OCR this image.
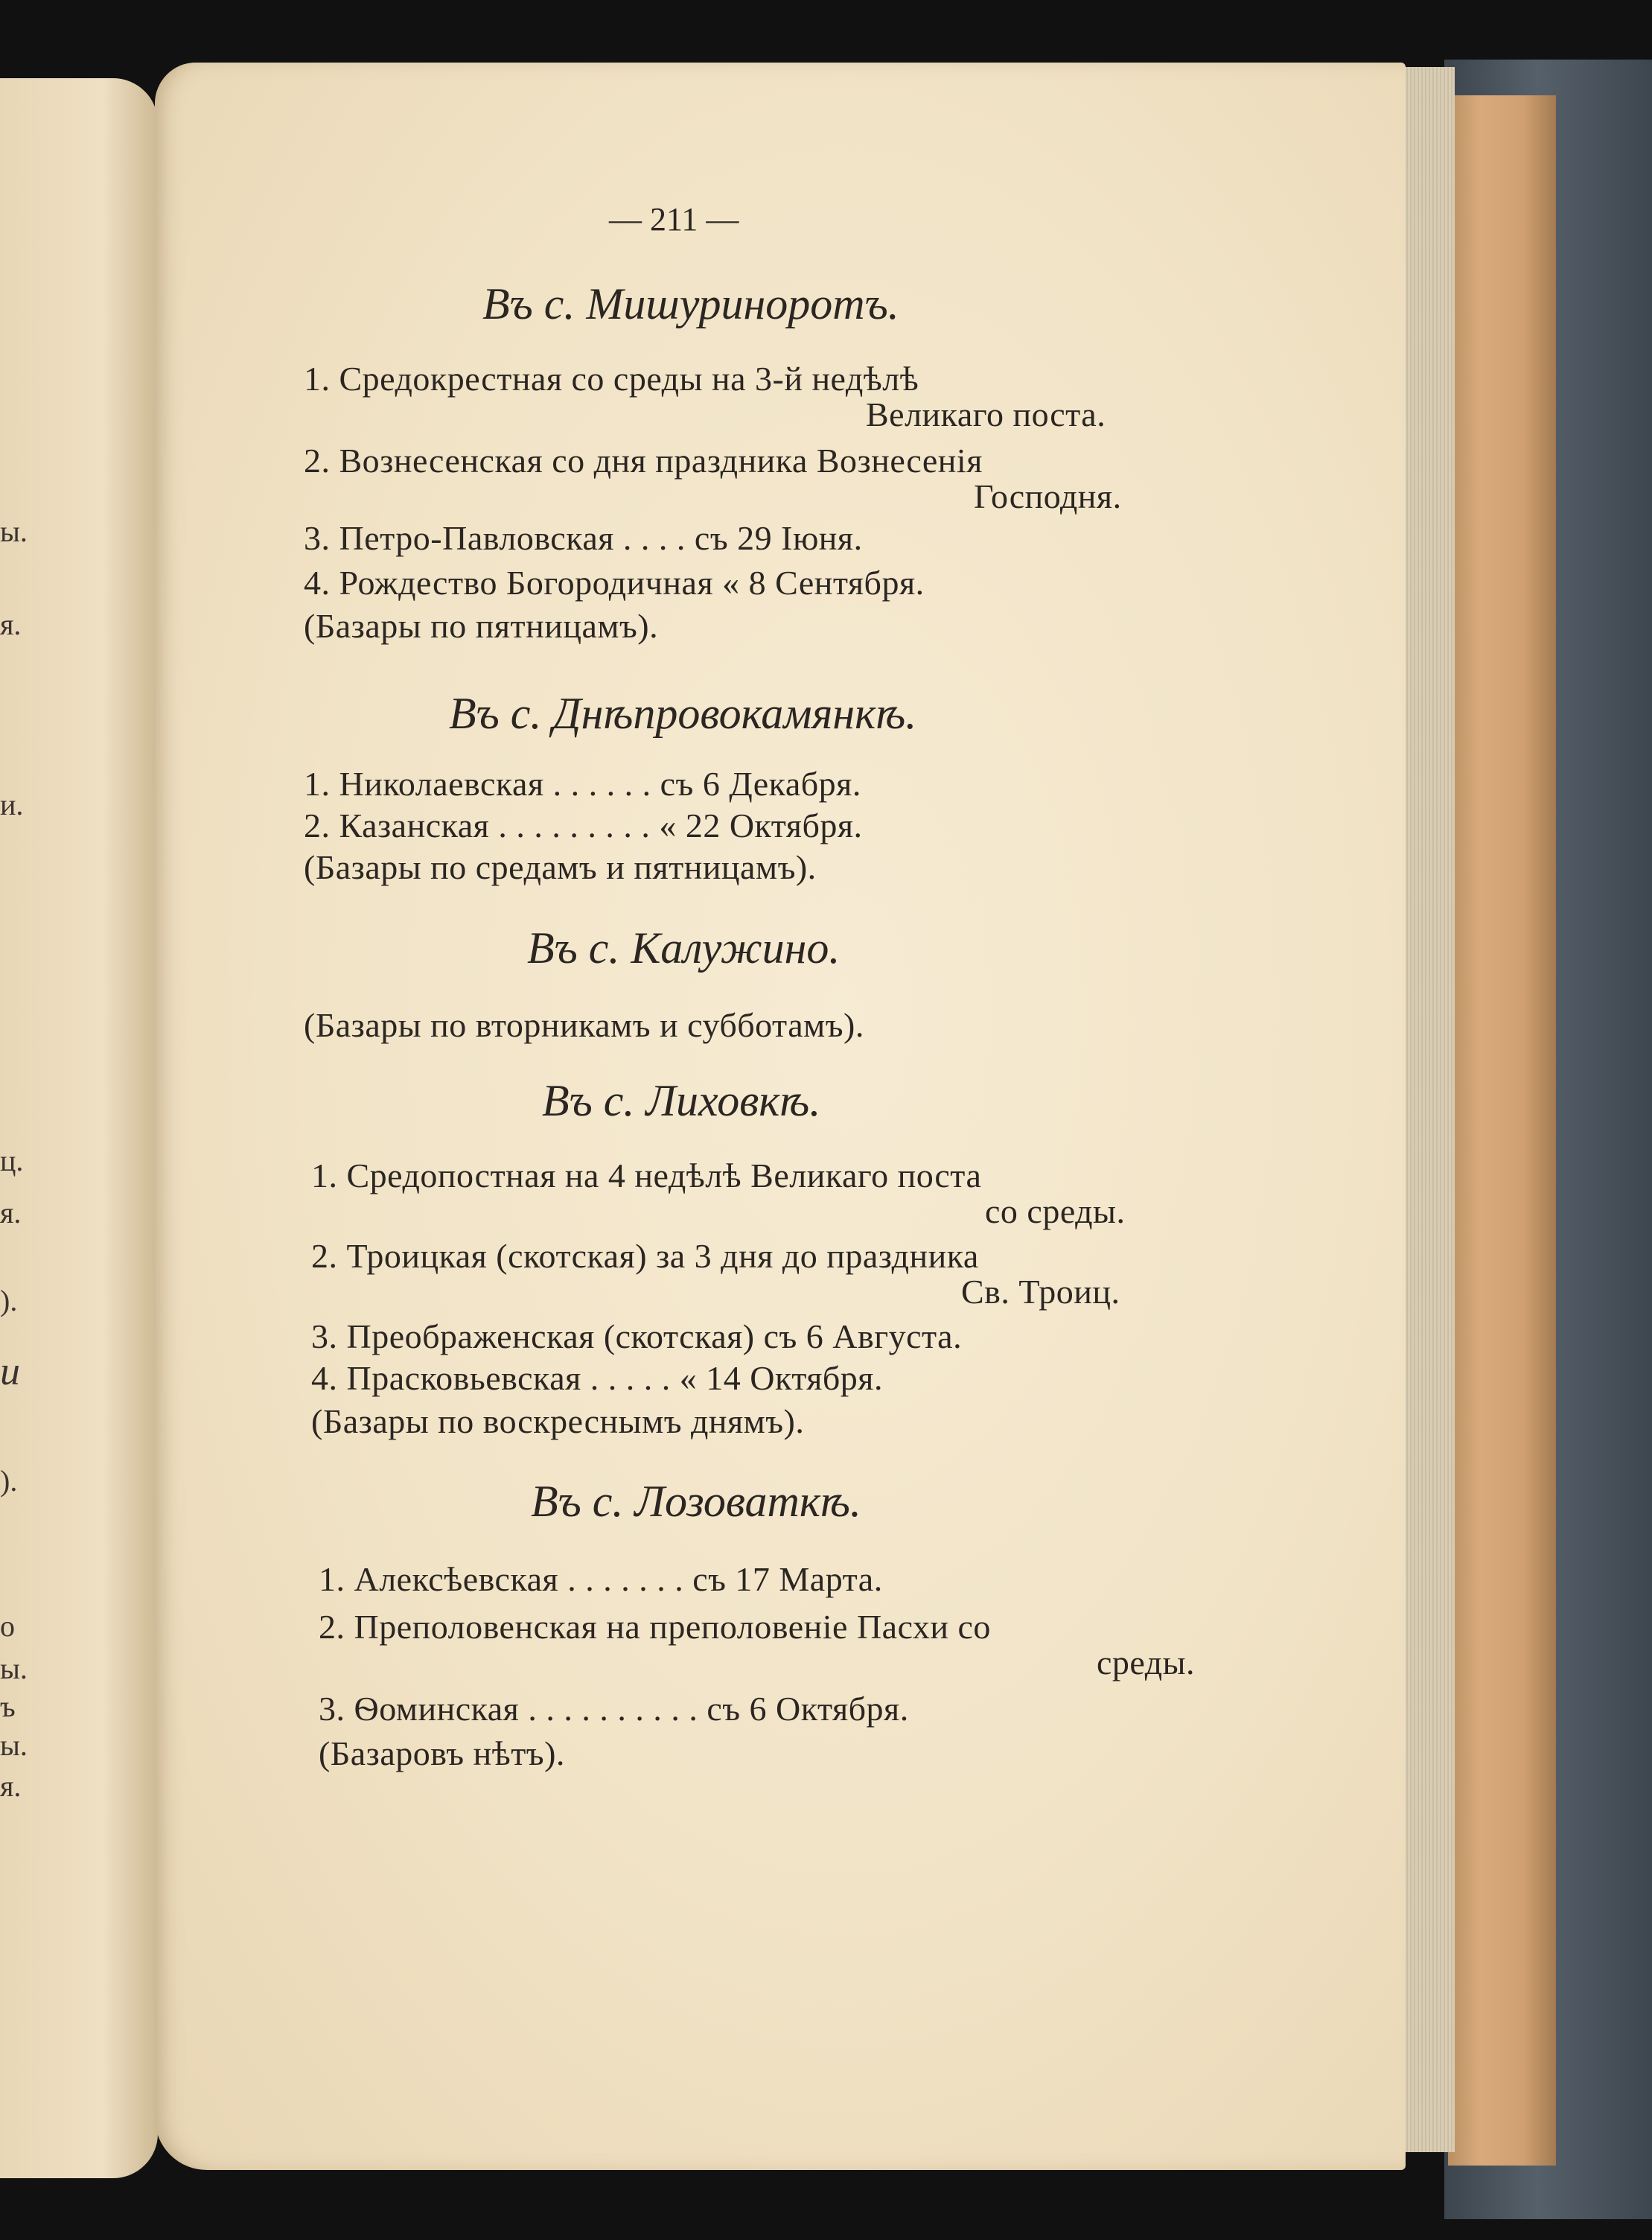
ы.
я.
и.
ц.
я.
).
и
).
о
ы.
ъ
ы.
я.
— 211 —
Въ с. Мишуриноротъ.
1. Средокрестная со среды на 3-й недѣлѣ
Великаго поста.
2. Вознесенская со дня праздника Вознесенія
Господня.
3. Петро-Павловская . . . . съ 29 Іюня.
4. Рождество Богородичная « 8 Сентября.
(Базары по пятницамъ).
Въ с. Днѣпровокамянкѣ.
1. Николаевская . . . . . . съ 6 Декабря.
2. Казанская . . . . . . . . . « 22 Октября.
(Базары по средамъ и пятницамъ).
Въ с. Калужино.
(Базары по вторникамъ и субботамъ).
Въ с. Лиховкѣ.
1. Средопостная на 4 недѣлѣ Великаго поста
со среды.
2. Троицкая (скотская) за 3 дня до праздника
Св. Троиц.
3. Преображенская (скотская) съ 6 Августа.
4. Прасковьевская . . . . . « 14 Октября.
(Базары по воскреснымъ днямъ).
Въ с. Лозоваткѣ.
1. Алексѣевская . . . . . . . съ 17 Марта.
2. Преполовенская на преполовеніе Пасхи со
среды.
3. Ѳоминская . . . . . . . . . . съ 6 Октября.
(Базаровъ нѣтъ).
